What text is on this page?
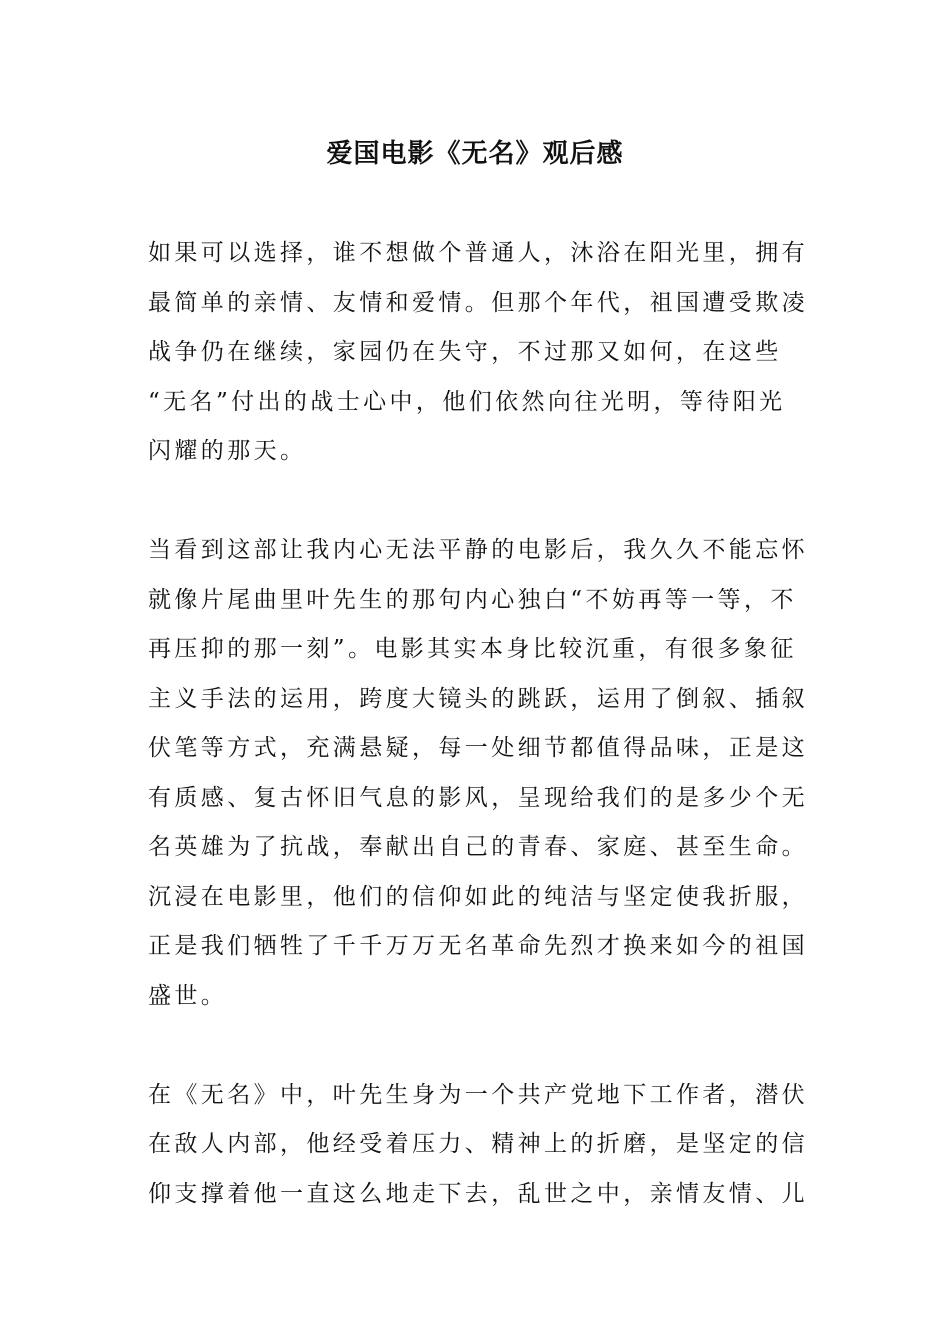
爱国电影《无名》观后感
如果可以选择，谁不想做个普通人，沐浴在阳光里，拥有
最简单的亲情、友情和爱情。但那个年代，祖国遭受欺凌
战争仍在继续，家园仍在失守，不过那又如何，在这些
“无名”付出的战士心中，他们依然向往光明，等待阳光
闪耀的那天。
当看到这部让我内心无法平静的电影后，我久久不能忘怀
就像片尾曲里叶先生的那句内心独白“不妨再等一等，不
再压抑的那一刻”。电影其实本身比较沉重，有很多象征
主义手法的运用，跨度大镜头的跳跃，运用了倒叙、插叙
伏笔等方式，充满悬疑，每一处细节都值得品味，正是这
有质感、复古怀旧气息的影风，呈现给我们的是多少个无
名英雄为了抗战，奉献出自己的青春、家庭、甚至生命。
沉浸在电影里，他们的信仰如此的纯洁与坚定使我折服，
正是我们牺牲了千千万万无名革命先烈才换来如今的祖国
盛世。
在《无名》中，叶先生身为一个共产党地下工作者，潜伏
在敌人内部，他经受着压力、精神上的折磨，是坚定的信
仰支撑着他一直这么地走下去，乱世之中，亲情友情、儿
